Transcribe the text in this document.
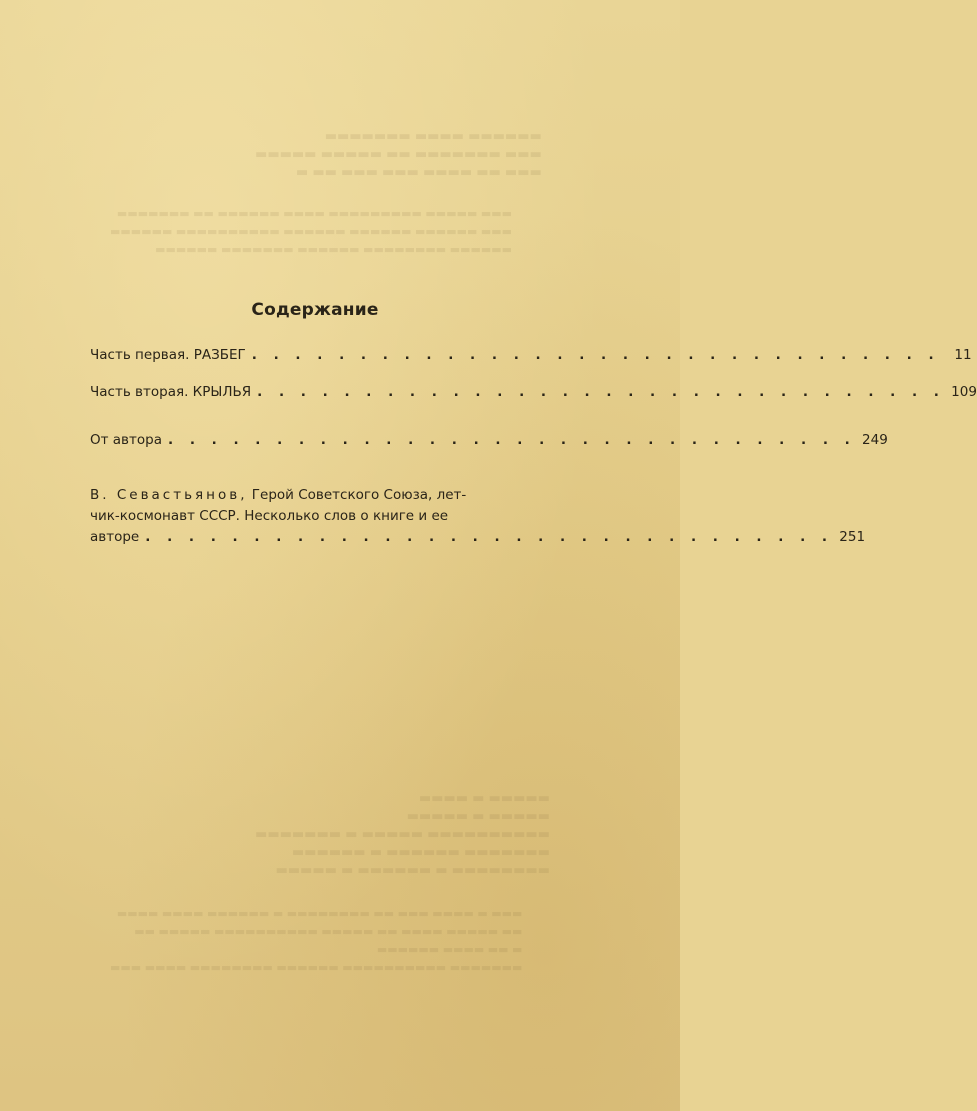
▬▬▬▬▬▬ ▬▬▬▬ ▬▬▬▬▬▬▬
▬▬▬ ▬▬▬▬▬▬▬ ▬▬ ▬▬▬▬▬ ▬▬▬▬▬
▬▬▬ ▬▬ ▬▬▬▬ ▬▬▬ ▬▬▬ ▬▬ ▬
▬▬▬ ▬▬▬▬▬ ▬▬▬▬▬▬▬▬▬ ▬▬▬▬ ▬▬▬▬▬▬ ▬▬ ▬▬▬▬▬▬▬
▬▬▬ ▬▬▬▬▬▬ ▬▬▬▬▬▬ ▬▬▬▬▬▬ ▬▬▬▬▬▬▬▬▬▬ ▬▬▬▬▬▬
▬▬▬▬▬▬ ▬▬▬▬▬▬▬▬ ▬▬▬▬▬▬ ▬▬▬▬▬▬▬ ▬▬▬▬▬▬
▬▬▬▬▬ ▬ ▬▬▬▬
▬▬▬▬▬ ▬ ▬▬▬▬▬
▬▬▬▬▬▬▬▬▬▬ ▬▬▬▬▬ ▬ ▬▬▬▬▬▬▬
▬▬▬▬▬▬▬ ▬▬▬▬▬▬ ▬ ▬▬▬▬▬▬
▬▬▬▬▬▬▬▬ ▬ ▬▬▬▬▬▬ ▬ ▬▬▬▬▬
▬▬▬ ▬ ▬▬▬▬ ▬▬▬ ▬▬ ▬▬▬▬▬▬▬▬ ▬ ▬▬▬▬▬▬ ▬▬▬▬ ▬▬▬▬
▬▬ ▬▬▬▬▬ ▬▬▬▬ ▬▬ ▬▬▬▬▬ ▬▬▬▬▬▬▬▬▬▬ ▬▬▬▬▬ ▬▬
▬ ▬▬ ▬▬▬▬ ▬▬▬▬▬▬
▬▬▬▬▬▬▬ ▬▬▬▬▬▬▬▬▬▬ ▬▬▬▬▬▬ ▬▬▬▬▬▬▬▬ ▬▬▬▬ ▬▬▬
Содержание
Часть первая. РАЗБЕГ . . . . . . . . . . . . . . . . . . . . . . . . . . . . . . . .	11
Часть вторая. КРЫЛЬЯ . . . . . . . . . . . . . . . . . . . . . . . . . . . . . . . . 109
От автора . . . . . . . . . . . . . . . . . . . . . . . . . . . . . . . . 249
В. Севастьянов, Герой Советского Союза, лет-
чик-космонавт СССР. Несколько слов о книге и ее
авторе . . . . . . . . . . . . . . . . . . . . . . . . . . . . . . . . 251
